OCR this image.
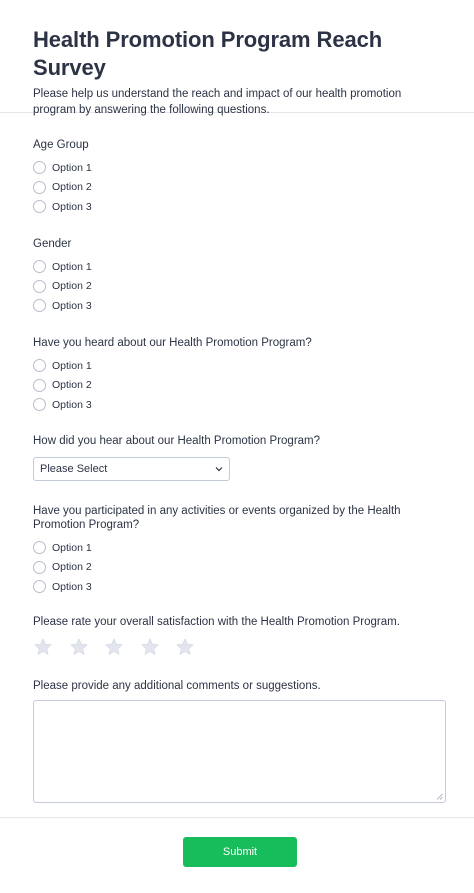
Health Promotion Program Reach Survey
Please help us understand the reach and impact of our health promotion program by answering the following questions.
Age Group
Option 1
Option 2
Option 3
Gender
Option 1
Option 2
Option 3
Have you heard about our Health Promotion Program?
Option 1
Option 2
Option 3
How did you hear about our Health Promotion Program?
Please Select
Have you participated in any activities or events organized by the Health Promotion Program?
Option 1
Option 2
Option 3
Please rate your overall satisfaction with the Health Promotion Program.
Please provide any additional comments or suggestions.
Submit
